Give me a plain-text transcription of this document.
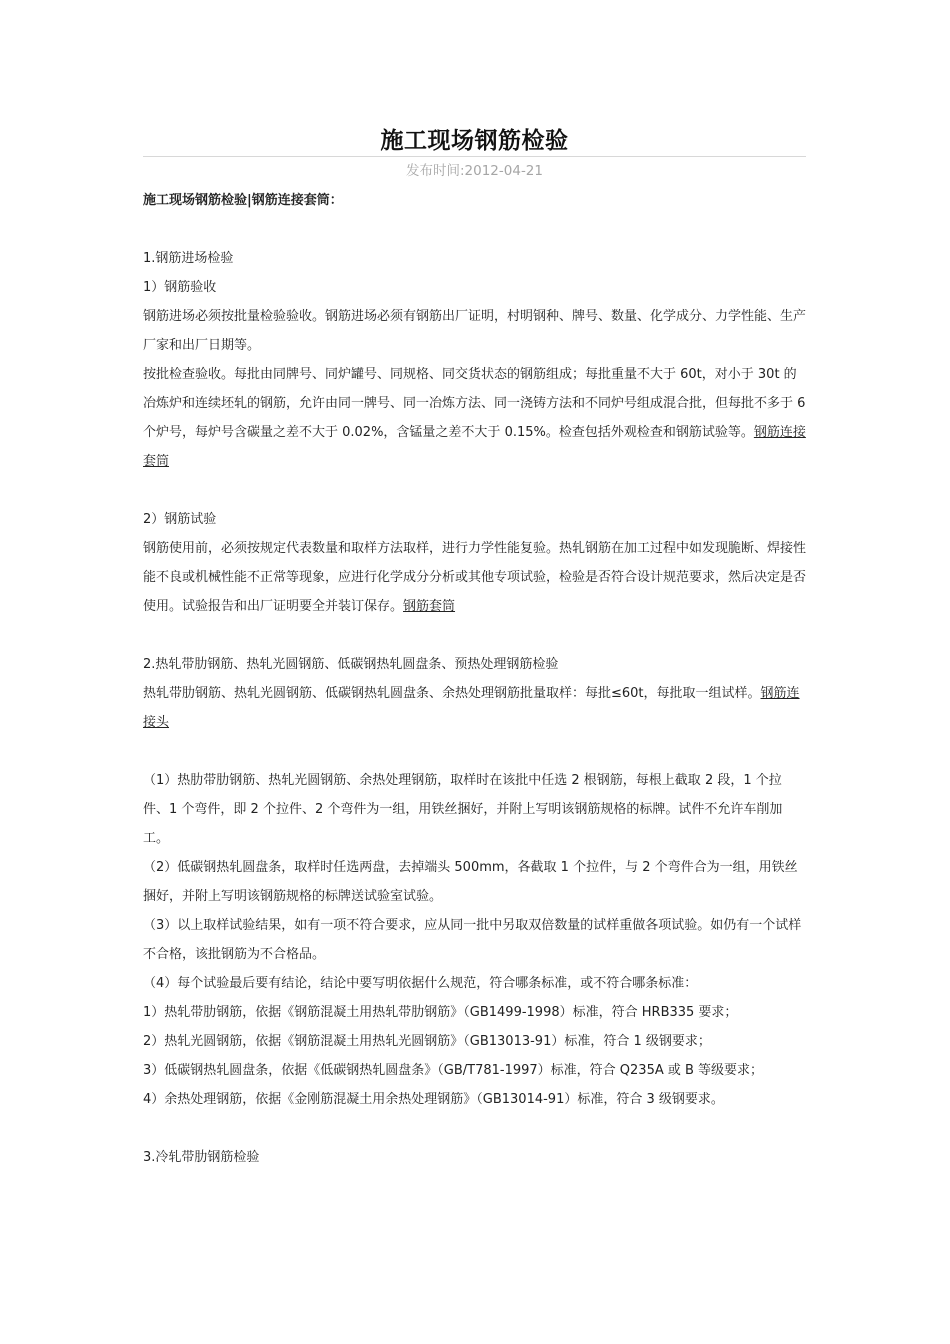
施工现场钢筋检验
发布时间:2012-04-21

施工现场钢筋检验|钢筋连接套筒：

1.钢筋进场检验

1）钢筋验收

钢筋进场必须按批量检验验收。钢筋进场必须有钢筋出厂证明，村明钢种、牌号、数量、化学成分、力学性能、生产厂家和出厂日期等。

按批检查验收。每批由同牌号、同炉罐号、同规格、同交货状态的钢筋组成；每批重量不大于 60t，对小于 30t 的冶炼炉和连续坯轧的钢筋，允许由同一牌号、同一冶炼方法、同一浇铸方法和不同炉号组成混合批，但每批不多于 6 个炉号，每炉号含碳量之差不大于 0.02%，含锰量之差不大于 0.15%。检查包括外观检查和钢筋试验等。钢筋连接套筒

2）钢筋试验

钢筋使用前，必须按规定代表数量和取样方法取样，进行力学性能复验。热轧钢筋在加工过程中如发现脆断、焊接性能不良或机械性能不正常等现象，应进行化学成分分析或其他专项试验，检验是否符合设计规范要求，然后决定是否使用。试验报告和出厂证明要全并装订保存。钢筋套筒

2.热轧带肋钢筋、热轧光圆钢筋、低碳钢热轧圆盘条、预热处理钢筋检验

热轧带肋钢筋、热轧光圆钢筋、低碳钢热轧圆盘条、余热处理钢筋批量取样：每批≤60t，每批取一组试样。钢筋连接头

（1）热肋带肋钢筋、热轧光圆钢筋、余热处理钢筋，取样时在该批中任选 2 根钢筋，每根上截取 2 段，1 个拉件、1 个弯件，即 2 个拉件、2 个弯件为一组，用铁丝捆好，并附上写明该钢筋规格的标牌。试件不允许车削加工。

（2）低碳钢热轧圆盘条，取样时任选两盘，去掉端头 500mm，各截取 1 个拉件，与 2 个弯件合为一组，用铁丝捆好，并附上写明该钢筋规格的标牌送试验室试验。

（3）以上取样试验结果，如有一项不符合要求，应从同一批中另取双倍数量的试样重做各项试验。如仍有一个试样不合格，该批钢筋为不合格品。

（4）每个试验最后要有结论，结论中要写明依据什么规范，符合哪条标准，或不符合哪条标准：

1）热轧带肋钢筋，依据《钢筋混凝土用热轧带肋钢筋》（GB1499-1998）标准，符合 HRB335 要求；

2）热轧光圆钢筋，依据《钢筋混凝土用热轧光圆钢筋》（GB13013-91）标准，符合 1 级钢要求；

3）低碳钢热轧圆盘条，依据《低碳钢热轧圆盘条》（GB/T781-1997）标准，符合 Q235A 或 B 等级要求；

4）余热处理钢筋，依据《金刚筋混凝土用余热处理钢筋》（GB13014-91）标准，符合 3 级钢要求。

3.冷轧带肋钢筋检验
